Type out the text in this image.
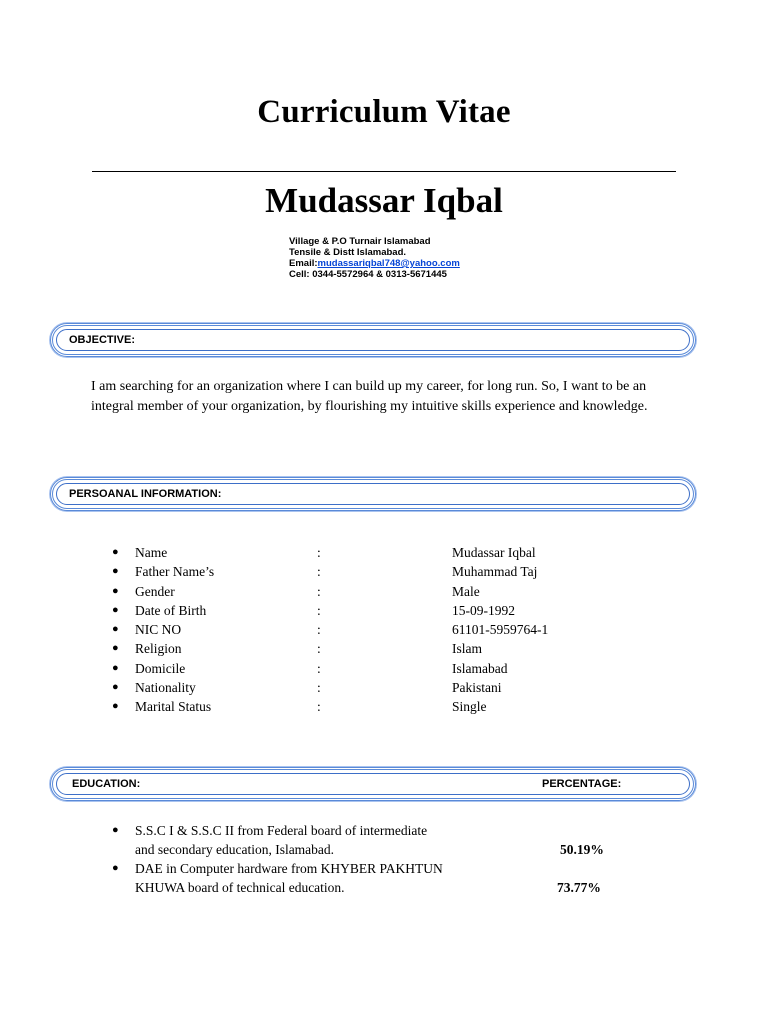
Curriculum Vitae
Mudassar Iqbal
Village & P.O Turnair Islamabad
Tensile & Distt Islamabad.
Email:mudassariqbal748@yahoo.com
Cell: 0344-5572964 & 0313-5671445
OBJECTIVE:
I am searching for an organization where I can build up my career, for long run. So, I want to be an integral member of your organization, by flourishing my intuitive skills experience and knowledge.
PERSOANAL INFORMATION:
● Name	:	Mudassar Iqbal
● Father Name’s	:	Muhammad Taj
● Gender	:	Male
● Date of Birth	:	15-09-1992
● NIC NO	:	61101-5959764-1
● Religion	:	Islam
● Domicile	:	Islamabad
● Nationality	:	Pakistani
● Marital Status	:	Single
EDUCATION:	PERCENTAGE:
● S.S.C I & S.S.C II from Federal board of intermediate
and secondary education, Islamabad.	50.19%
● DAE in Computer hardware from KHYBER PAKHTUN
KHUWA board of technical education.	73.77%
